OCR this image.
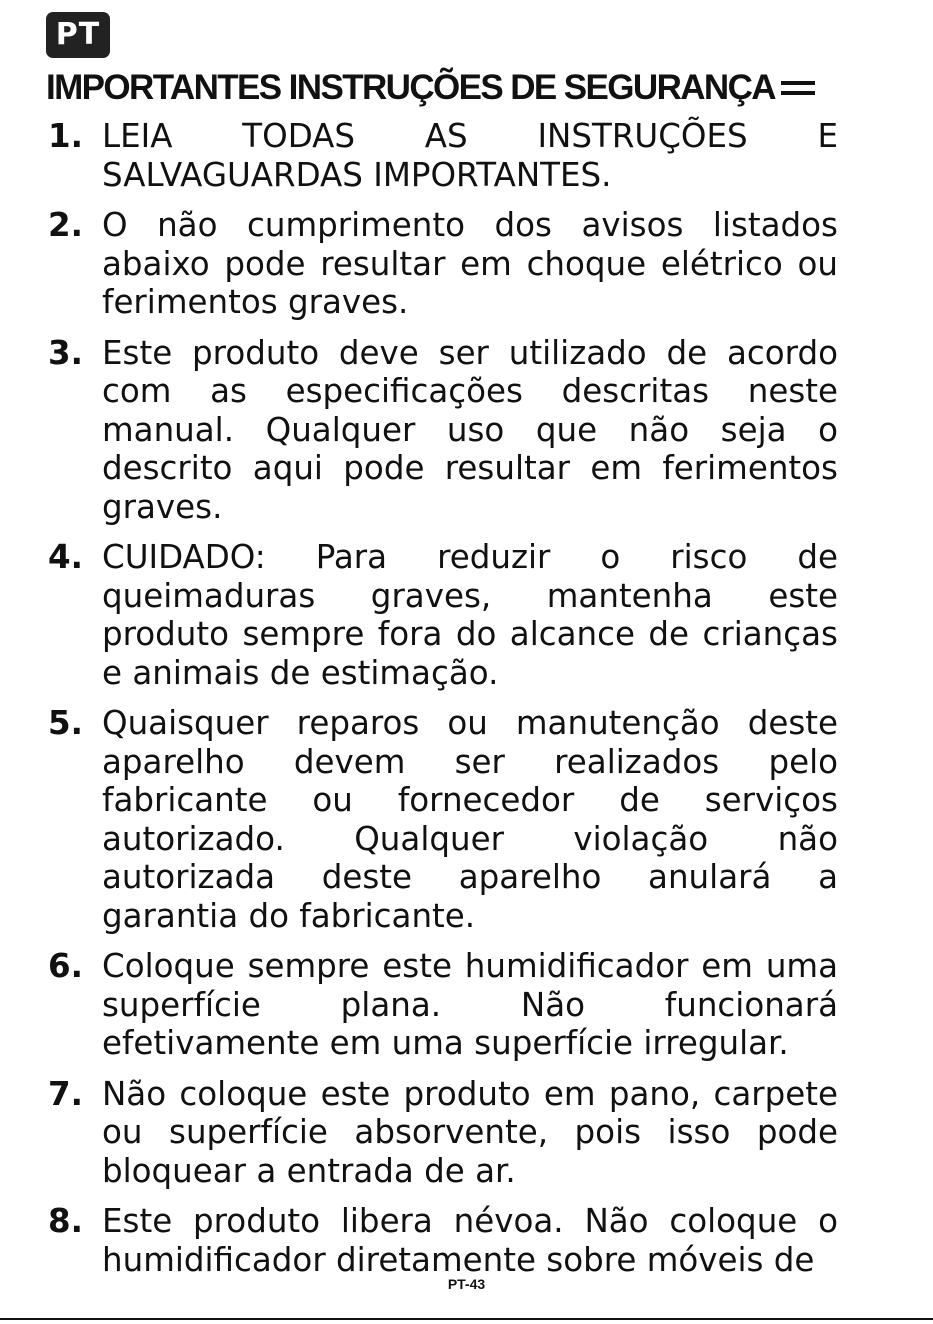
PT
IMPORTANTES INSTRUÇÕES DE SEGURANÇA
1. LEIA TODAS AS INSTRUÇÕES E SALVAGUARDAS IMPORTANTES.
2. O não cumprimento dos avisos listados abaixo pode resultar em choque elétrico ou ferimentos graves.
3. Este produto deve ser utilizado de acordo com as especificações descritas neste manual. Qualquer uso que não seja o descrito aqui pode resultar em ferimentos graves.
4. CUIDADO: Para reduzir o risco de queimaduras graves, mantenha este produto sempre fora do alcance de crianças e animais de estimação.
5. Quaisquer reparos ou manutenção deste aparelho devem ser realizados pelo fabricante ou fornecedor de serviços autorizado. Qualquer violação não autorizada deste aparelho anulará a garantia do fabricante.
6. Coloque sempre este humidificador em uma superfície plana. Não funcionará efetivamente em uma superfície irregular.
7. Não coloque este produto em pano, carpete ou superfície absorvente, pois isso pode bloquear a entrada de ar.
8. Este produto libera névoa. Não coloque o humidificador diretamente sobre móveis de
PT-43
